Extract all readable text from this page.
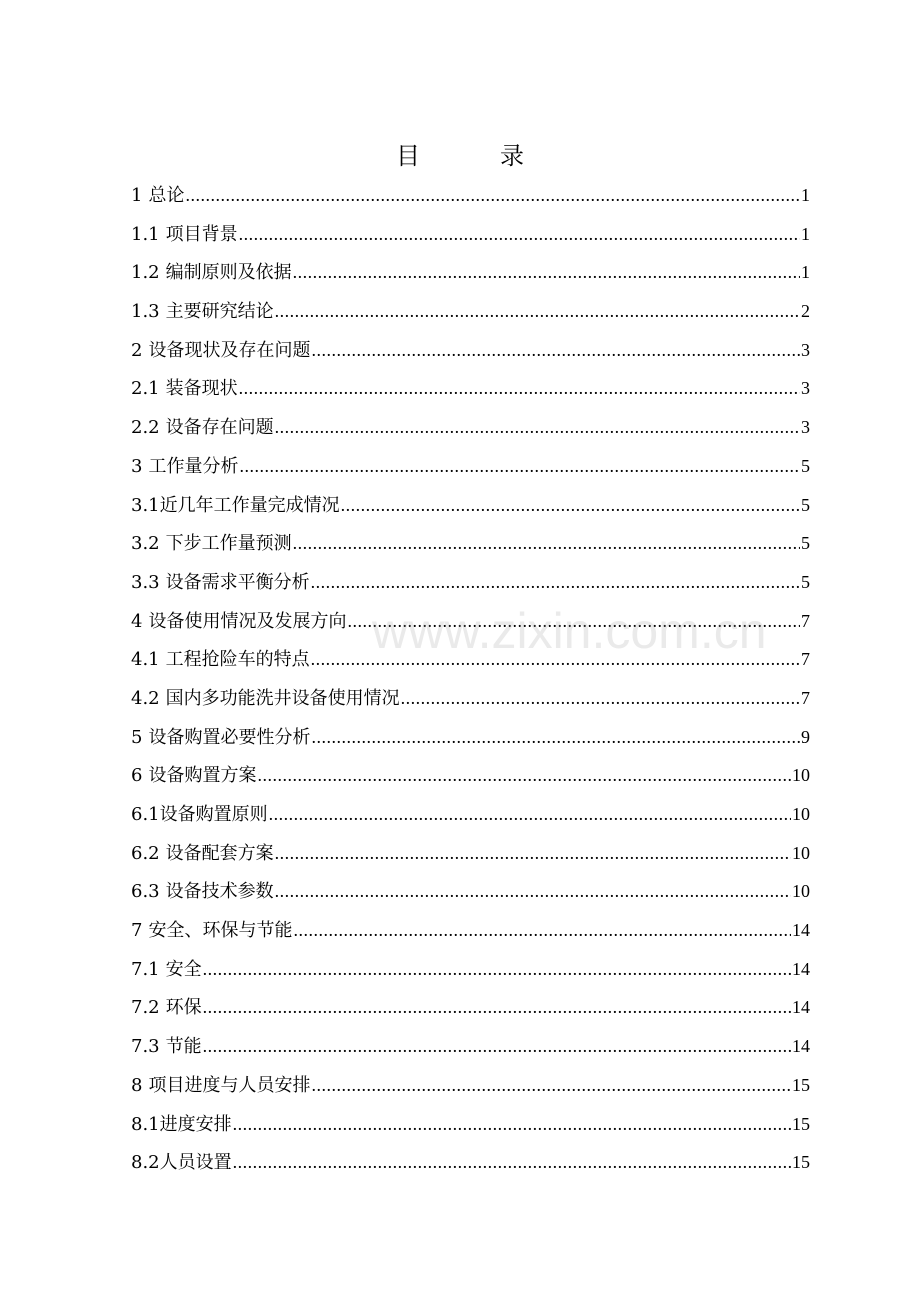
目　录
1 总论 .....	1
1.1 项目背景 .....	1
1.2 编制原则及依据 .....	1
1.3 主要研究结论 .....	2
2 设备现状及存在问题 .....	3
2.1 装备现状 .....	3
2.2 设备存在问题 .....	3
3 工作量分析 .....	5
3.1 近几年工作量完成情况 .....	5
3.2 下步工作量预测 .....	5
3.3 设备需求平衡分析 .....	5
4 设备使用情况及发展方向 .....	7
4.1 工程抢险车的特点 .....	7
4.2 国内多功能洗井设备使用情况 .....	7
5 设备购置必要性分析 .....	9
6 设备购置方案 .....	10
6.1 设备购置原则 .....	10
6.2 设备配套方案 .....	10
6.3 设备技术参数 .....	10
7 安全、环保与节能 .....	14
7.1 安全 .....	14
7.2 环保 .....	14
7.3 节能 .....	14
8 项目进度与人员安排 .....	15
8.1 进度安排 .....	15
8.2 人员设置 .....	15
www.zixin.com.cn
